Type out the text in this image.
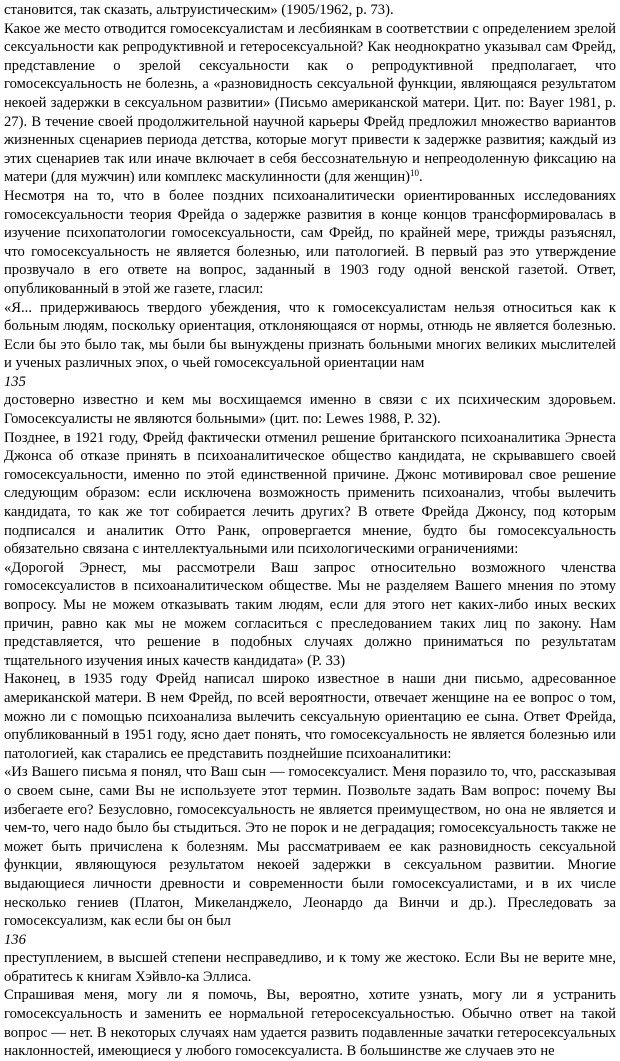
становится, так сказать, альтруистическим» (1905/1962, р. 73).

Какое же место отводится гомосексуалистам и лесбиянкам в соответствии с определением зрелой сексуальности как репродуктивной и гетеросексуальной? Как неоднократно указывал сам Фрейд, представление о зрелой сексуальности как о репродуктивной предполагает, что гомосексуальность не болезнь, а «разновидность сексуальной функции, являющаяся результатом некоей задержки в сексуальном развитии» (Письмо американской матери. Цит. по: Bayer 1981, р. 27). В течение своей продолжительной научной карьеры Фрейд предложил множество вариантов жизненных сценариев периода детства, которые могут привести к задержке развития; каждый из этих сценариев так или иначе включает в себя бессознательную и непреодоленную фиксацию на матери (для мужчин) или комплекс маскулинности (для женщин)$^{10}$.

Несмотря на то, что в более поздних психоаналитически ориентированных исследованиях гомосексуальности теория Фрейда о задержке развития в конце концов трансформировалась в изучение психопатологии гомосексуальности, сам Фрейд, по крайней мере, трижды разъяснял, что гомосексуальность не является болезнью, или патологией. В первый раз это утверждение прозвучало в его ответе на вопрос, заданный в 1903 году одной венской газетой. Ответ, опубликованный в этой же газете, гласил:

«Я... придерживаюсь твердого убеждения, что к гомосексуалистам нельзя относиться как к больным людям, поскольку ориентация, отклоняющаяся от нормы, отнюдь не является болезнью. Если бы это было так, мы были бы вынуждены признать больными многих великих мыслителей и ученых различных эпох, о чьей гомосексуальной ориентации нам

135

достоверно известно и кем мы восхищаемся именно в связи с их психическим здоровьем. Гомосексуалисты не являются больными» (цит. по: Lewes 1988, Р. 32).

Позднее, в 1921 году, Фрейд фактически отменил решение британского психоаналитика Эрнеста Джонса об отказе принять в психоаналитическое общество кандидата, не скрывавшего своей гомосексуальности, именно по этой единственной причине. Джонс мотивировал свое решение следующим образом: если исключена возможность применить психоанализ, чтобы вылечить кандидата, то как же тот собирается лечить других? В ответе Фрейда Джонсу, под которым подписался и аналитик Отто Ранк, опровергается мнение, будто бы гомосексуальность обязательно связана с интеллектуальными или психологическими ограничениями:

«Дорогой Эрнест, мы рассмотрели Ваш запрос относительно возможного членства гомосексуалистов в психоаналитическом обществе. Мы не разделяем Вашего мнения по этому вопросу. Мы не можем отказывать таким людям, если для этого нет каких-либо иных веских причин, равно как мы не можем согласиться с преследованием таких лиц по закону. Нам представляется, что решение в подобных случаях должно приниматься по результатам тщательного изучения иных качеств кандидата» (Р. 33)

Наконец, в 1935 году Фрейд написал широко известное в наши дни письмо, адресованное американской матери. В нем Фрейд, по всей вероятности, отвечает женщине на ее вопрос о том, можно ли с помощью психоанализа вылечить сексуальную ориентацию ее сына. Ответ Фрейда, опубликованный в 1951 году, ясно дает понять, что гомосексуальность не является болезнью или патологией, как старались ее представить позднейшие психоаналитики:

«Из Вашего письма я понял, что Ваш сын — гомосексуалист. Меня поразило то, что, рассказывая о своем сыне, сами Вы не используете этот термин. Позвольте задать Вам вопрос: почему Вы избегаете его? Безусловно, гомосексуальность не является преимуществом, но она не является и чем-то, чего надо было бы стыдиться. Это не порок и не деградация; гомосексуальность также не может быть причислена к болезням. Мы рассматриваем ее как разновидность сексуальной функции, являющуюся результатом некоей задержки в сексуальном развитии. Многие выдающиеся личности древности и современности были гомосексуалистами, и в их числе несколько гениев (Платон, Микеланджело, Леонардо да Винчи и др.). Преследовать за гомосексуализм, как если бы он был

136

преступлением, в высшей степени несправедливо, и к тому же жестоко. Если Вы не верите мне, обратитесь к книгам Хэйвло-ка Эллиса.

Спрашивая меня, могу ли я помочь, Вы, вероятно, хотите узнать, могу ли я устранить гомосексуальность и заменить ее нормальной гетеросексуальностью. Обычно ответ на такой вопрос — нет. В некоторых случаях нам удается развить подавленные зачатки гетеросексуальных наклонностей, имеющиеся у любого гомосексуалиста. В большинстве же случаев это не
